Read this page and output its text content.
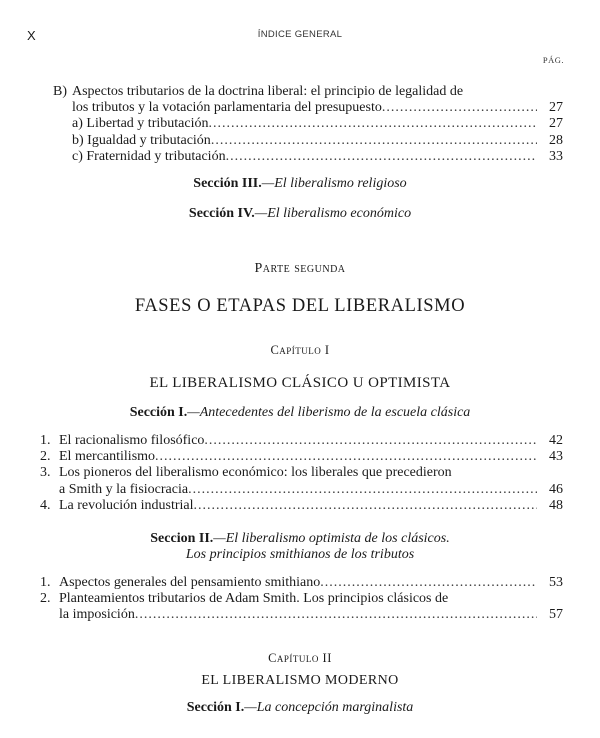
X	ÍNDICE GENERAL
PÁG.
B) Aspectos tributarios de la doctrina liberal: el principio de legalidad de
los tributos y la votación parlamentaria del presupuesto .....	27
a)
Libertad y tributación .....	27
b)
Igualdad y tributación .....	28
c)
Fraternidad y tributación .....	33
Sección III.—El liberalismo religioso
Sección IV.—El liberalismo económico
Parte segunda
FASES O ETAPAS DEL LIBERALISMO
Capítulo I
EL LIBERALISMO CLÁSICO U OPTIMISTA
Sección I.—Antecedentes del liberismo de la escuela clásica
1. El racionalismo filosófico .....	42
2. El mercantilismo .....	43
3. Los pioneros del liberalismo económico: los liberales que precedieron
a Smith y la fisiocracia .....	46
4. La revolución industrial .....	48
Seccion II.—El liberalismo optimista de los clásicos.
Los principios smithianos de los tributos
1. Aspectos generales del pensamiento smithiano .....	53
2. Planteamientos tributarios de Adam Smith. Los principios clásicos de
la imposición .....	57
Capítulo II
EL LIBERALISMO MODERNO
Sección I.—La concepción marginalista
